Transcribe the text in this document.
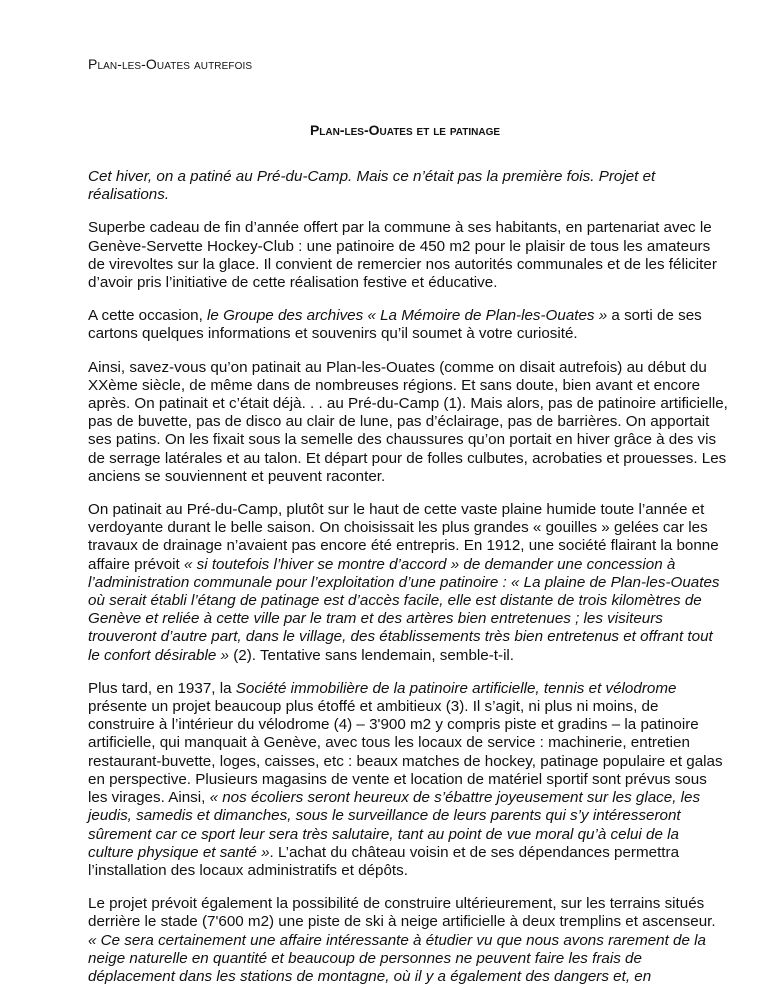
Plan-les-Ouates autrefois
Plan-les-Ouates et le patinage

Cet hiver, on a patiné au Pré-du-Camp. Mais ce n’était pas la première fois. Projet et réalisations.

Superbe cadeau de fin d’année offert par la commune à ses habitants, en partenariat avec le Genève-Servette Hockey-Club : une patinoire de 450 m2 pour le plaisir de tous les amateurs de virevoltes sur la glace. Il convient de remercier nos autorités communales et de les féliciter d’avoir pris l’initiative de cette réalisation festive et éducative.

A cette occasion, le Groupe des archives « La Mémoire de Plan-les-Ouates » a sorti de ses cartons quelques informations et souvenirs qu’il soumet à votre curiosité.

Ainsi, savez-vous qu’on patinait au Plan-les-Ouates (comme on disait autrefois) au début du XXème siècle, de même dans de nombreuses régions. Et sans doute, bien avant et encore après. On patinait et c’était déjà. . . au Pré-du-Camp (1). Mais alors, pas de patinoire artificielle, pas de buvette, pas de disco au clair de lune, pas d’éclairage, pas de barrières. On apportait ses patins. On les fixait sous la semelle des chaussures qu’on portait en hiver grâce à des vis de serrage latérales et au talon. Et départ pour de folles culbutes, acrobaties et prouesses. Les anciens se souviennent et peuvent raconter.

On patinait au Pré-du-Camp, plutôt sur le haut de cette vaste plaine humide toute l’année et verdoyante durant le belle saison. On choisissait les plus grandes « gouilles » gelées car les travaux de drainage n’avaient pas encore été entrepris. En 1912, une société flairant la bonne affaire prévoit « si toutefois l’hiver se montre d’accord » de demander une concession à l’administration communale pour l’exploitation d’une patinoire : « La plaine de Plan-les-Ouates où serait établi l’étang de patinage est d’accès facile, elle est distante de trois kilomètres de Genève et reliée à cette ville par le tram et des artères bien entretenues ; les visiteurs trouveront d’autre part, dans le village, des établissements très bien entretenus et offrant tout le confort désirable » (2). Tentative sans lendemain, semble-t-il.

Plus tard, en 1937, la Société immobilière de la patinoire artificielle, tennis et vélodrome présente un projet beaucoup plus étoffé et ambitieux (3). Il s’agit, ni plus ni moins, de construire à l’intérieur du vélodrome (4) – 3'900 m2 y compris piste et gradins – la patinoire artificielle, qui manquait à Genève, avec tous les locaux de service : machinerie, entretien restaurant-buvette, loges, caisses, etc : beaux matches de hockey, patinage populaire et galas en perspective. Plusieurs magasins de vente et location de matériel sportif sont prévus sous les virages. Ainsi, « nos écoliers seront heureux de s’ébattre joyeusement sur les glace, les jeudis, samedis et dimanches, sous le surveillance de leurs parents qui s’y intéresseront sûrement car ce sport leur sera très salutaire, tant au point de vue moral qu’à celui de la culture physique et santé ». L’achat du château voisin et de ses dépendances permettra l’installation des locaux administratifs et dépôts.

Le projet prévoit également la possibilité de construire ultérieurement, sur les terrains situés derrière le stade (7'600 m2) une piste de ski à neige artificielle à deux tremplins et ascenseur. « Ce sera certainement une affaire intéressante à étudier vu que nous avons rarement de la neige naturelle en quantité et beaucoup de personnes ne peuvent faire les frais de déplacement dans les stations de montagne, où il y a également des dangers et, en
